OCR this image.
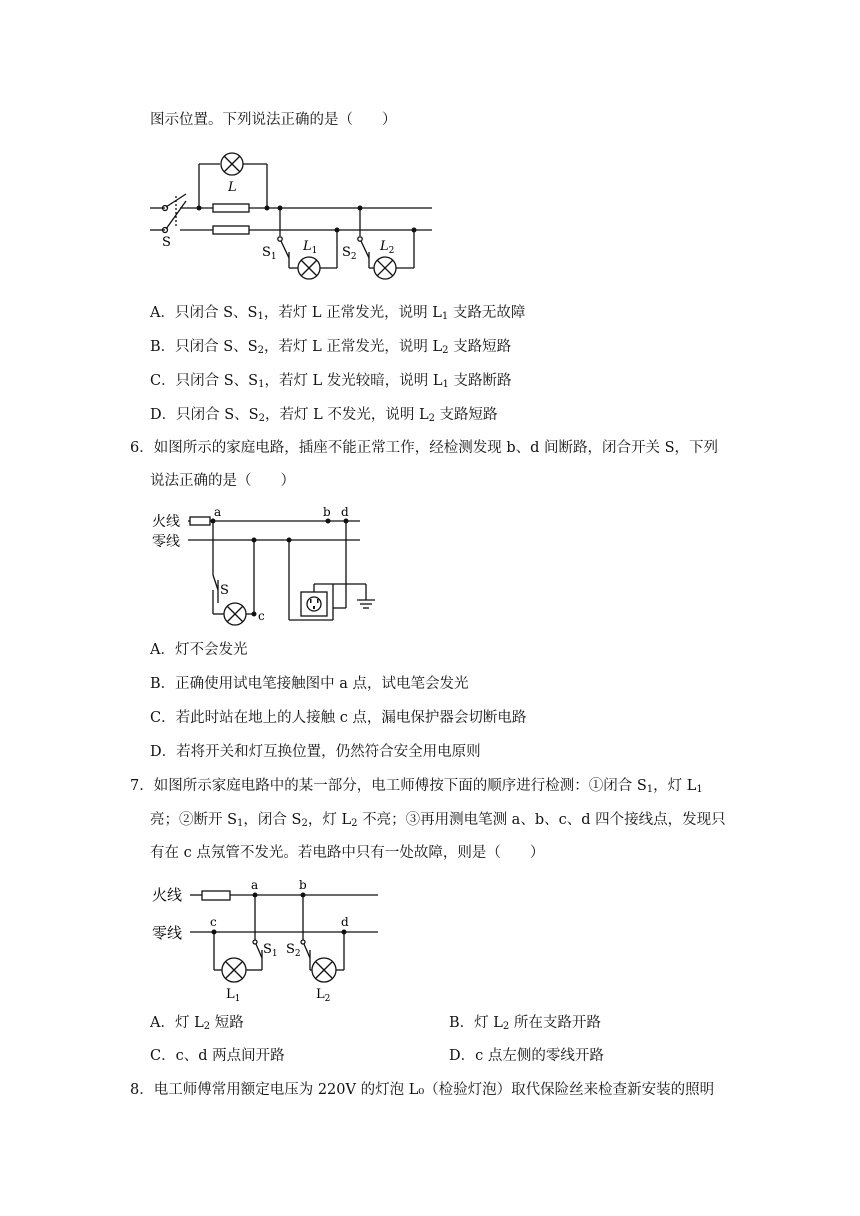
图示位置。下列说法正确的是（　　）
S
L
$S_1$
$L_1$ $S_2$
$L_2$
A．只闭合 S、$S_1$，若灯 L 正常发光，说明 $L_1$ 支路无故障
B．只闭合 S、$S_2$，若灯 L 正常发光，说明 $L_2$ 支路短路
C．只闭合 S、$S_1$，若灯 L 发光较暗，说明 $L_1$ 支路断路
D．只闭合 S、$S_2$，若灯 L 不发光，说明 $L_2$ 支路短路
6．如图所示的家庭电路，插座不能正常工作，经检测发现 b、d 间断路，闭合开关 S，下列
说法正确的是（　　）
火线
零线
a	b d
S
c
A．灯不会发光
B．正确使用试电笔接触图中 a 点，试电笔会发光
C．若此时站在地上的人接触 c 点，漏电保护器会切断电路
D．若将开关和灯互换位置，仍然符合安全用电原则
7．如图所示家庭电路中的某一部分，电工师傅按下面的顺序进行检测：①闭合 $S_1$，灯 $L_1$
亮；②断开 $S_1$，闭合 $S_2$，灯 $L_2$ 不亮；③再用测电笔测 a、b、c、d 四个接线点，发现只
有在 c 点氖管不发光。若电路中只有一处故障，则是（　　）
火线
零线
a
$S_1$
c
$L_1$
b
$S_2$
d
$L_2$
A．灯 $L_2$ 短路	B．灯 $L_2$ 所在支路开路
C．c、d 两点间开路	D．c 点左侧的零线开路
8．电工师傅常用额定电压为 220V 的灯泡 L₀（检验灯泡）取代保险丝来检查新安装的照明
